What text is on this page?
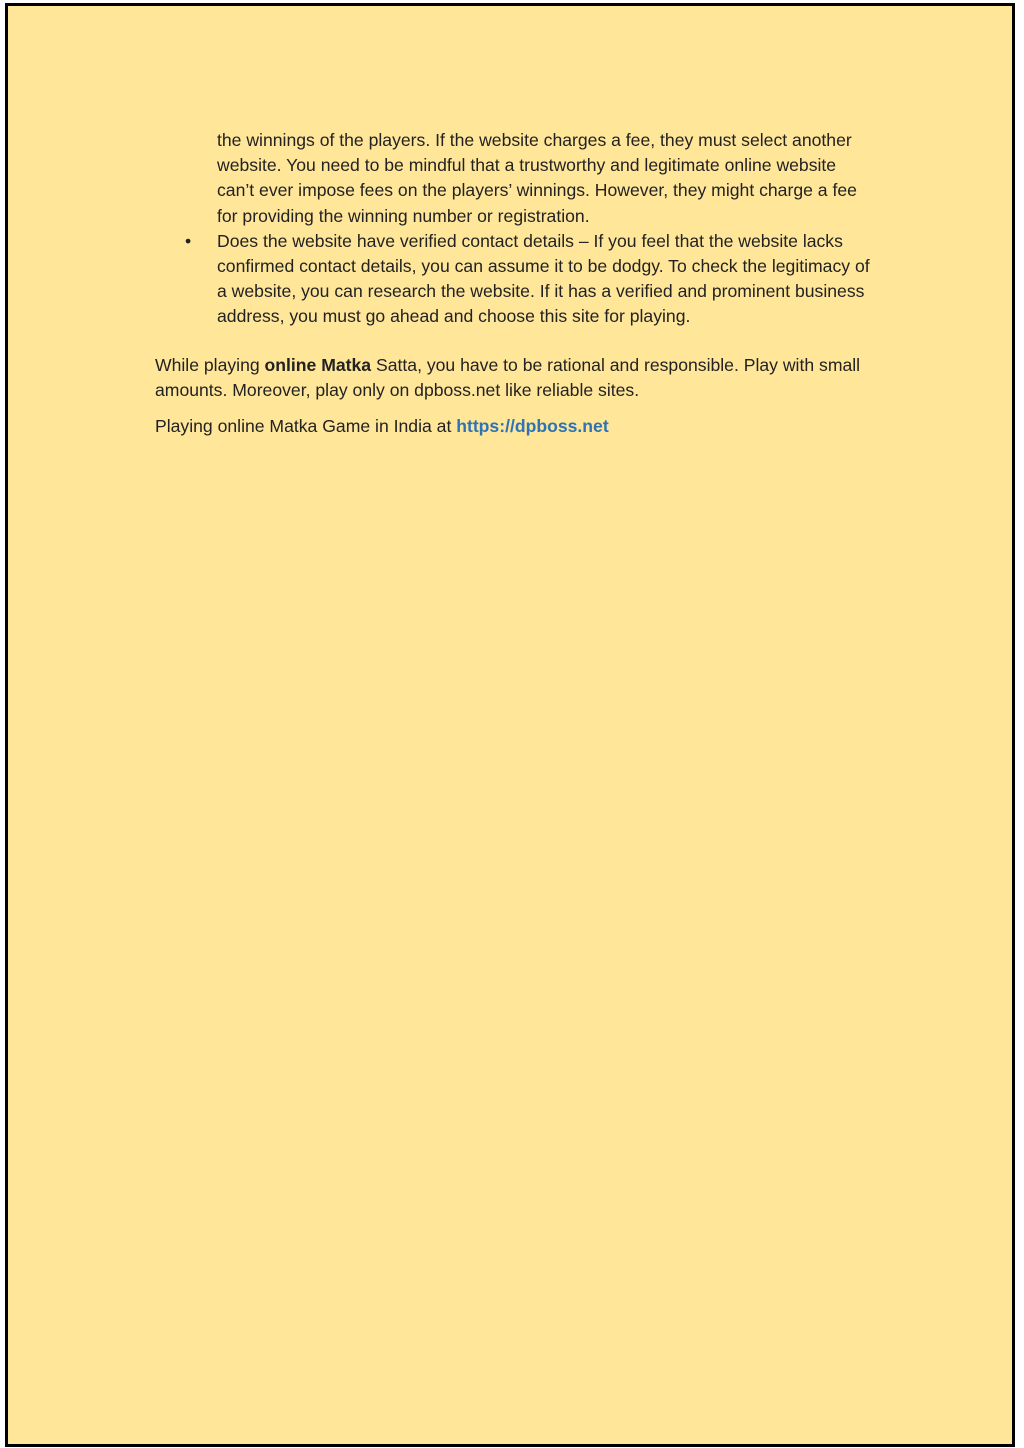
the winnings of the players. If the website charges a fee, they must select another website. You need to be mindful that a trustworthy and legitimate online website can’t ever impose fees on the players’ winnings. However, they might charge a fee for providing the winning number or registration.
• Does the website have verified contact details – If you feel that the website lacks confirmed contact details, you can assume it to be dodgy. To check the legitimacy of a website, you can research the website. If it has a verified and prominent business address, you must go ahead and choose this site for playing.

While playing online Matka Satta, you have to be rational and responsible. Play with small amounts. Moreover, play only on dpboss.net like reliable sites.

Playing online Matka Game in India at https://dpboss.net
